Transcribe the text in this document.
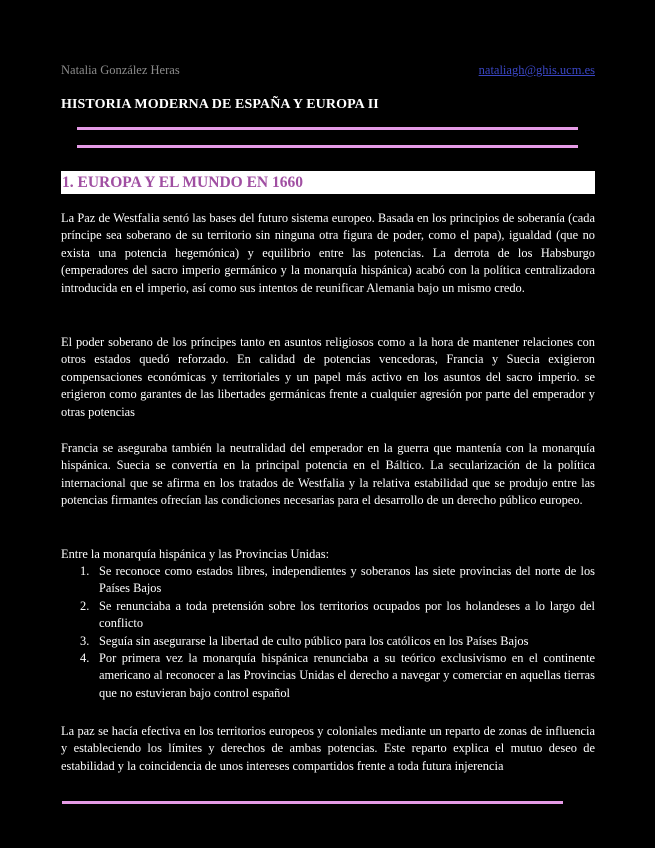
Natalia González Heras	nataliagh@ghis.ucm.es
HISTORIA MODERNA DE ESPAÑA Y EUROPA II
1. EUROPA Y EL MUNDO EN 1660

La Paz de Westfalia sentó las bases del futuro sistema europeo. Basada en los principios de soberanía (cada príncipe sea soberano de su territorio sin ninguna otra figura de poder, como el papa), igualdad (que no exista una potencia hegemónica) y equilibrio entre las potencias. La derrota de los Habsburgo (emperadores del sacro imperio germánico y la monarquía hispánica) acabó con la política centralizadora introducida en el imperio, así como sus intentos de reunificar Alemania bajo un mismo credo.

El poder soberano de los príncipes tanto en asuntos religiosos como a la hora de mantener relaciones con otros estados quedó reforzado. En calidad de potencias vencedoras, Francia y Suecia exigieron compensaciones económicas y territoriales y un papel más activo en los asuntos del sacro imperio. se erigieron como garantes de las libertades germánicas frente a cualquier agresión por parte del emperador y otras potencias

Francia se aseguraba también la neutralidad del emperador en la guerra que mantenía con la monarquía hispánica. Suecia se convertía en la principal potencia en el Báltico. La secularización de la política internacional que se afirma en los tratados de Westfalia y la relativa estabilidad que se produjo entre las potencias firmantes ofrecían las condiciones necesarias para el desarrollo de un derecho público europeo.

Entre la monarquía hispánica y las Provincias Unidas:

1. Se reconoce como estados libres, independientes y soberanos las siete provincias del norte de los Países Bajos
2. Se renunciaba a toda pretensión sobre los territorios ocupados por los holandeses a lo largo del conflicto
3. Seguía sin asegurarse la libertad de culto público para los católicos en los Países Bajos
4. Por primera vez la monarquía hispánica renunciaba a su teórico exclusivismo en el continente americano al reconocer a las Provincias Unidas el derecho a navegar y comerciar en aquellas tierras que no estuvieran bajo control español

La paz se hacía efectiva en los territorios europeos y coloniales mediante un reparto de zonas de influencia y estableciendo los límites y derechos de ambas potencias. Este reparto explica el mutuo deseo de estabilidad y la coincidencia de unos intereses compartidos frente a toda futura injerencia
